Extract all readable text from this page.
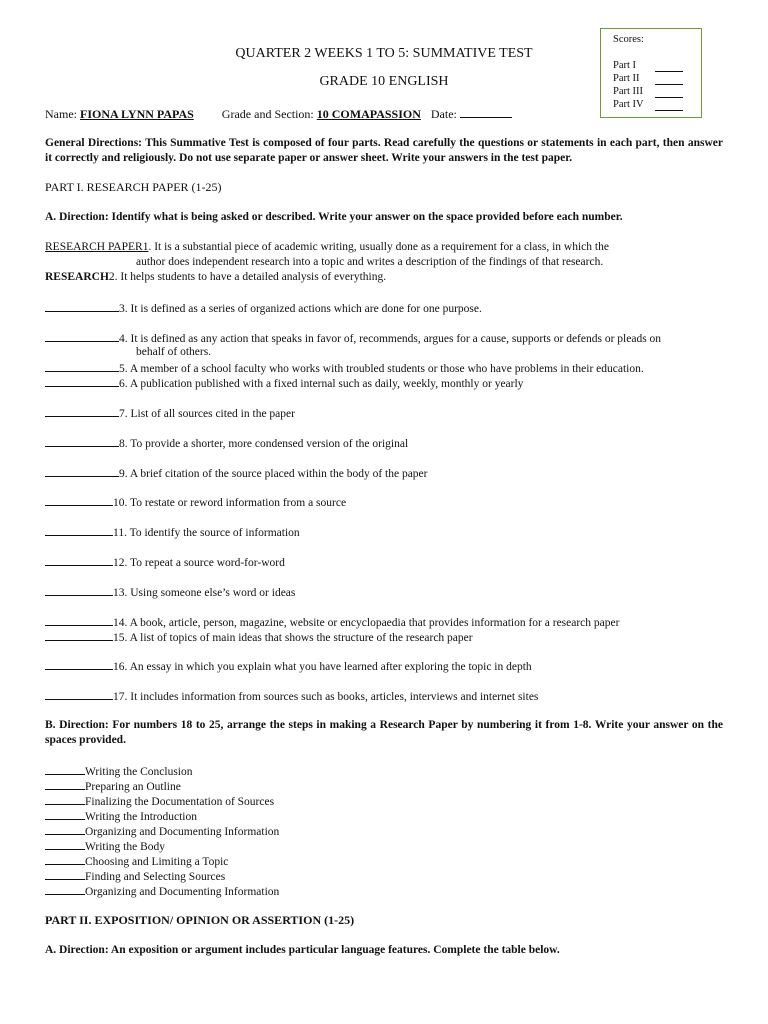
Scores:
Part I
Part II
Part III
Part IV
QUARTER 2 WEEKS 1 TO 5: SUMMATIVE TEST
GRADE 10 ENGLISH
Name: FIONA LYNN PAPAS Grade and Section: 10 COMAPASSION Date:
General Directions: This Summative Test is composed of four parts. Read carefully the questions or statements in each part, then answer it correctly and religiously. Do not use separate paper or answer sheet. Write your answers in the test paper.
PART I. RESEARCH PAPER (1-25)
A. Direction: Identify what is being asked or described. Write your answer on the space provided before each number.
RESEARCH PAPER1. It is a substantial piece of academic writing, usually done as a requirement for a class, in which the
author does independent research into a topic and writes a description of the findings of that research.
RESEARCH2. It helps students to have a detailed analysis of everything.
3. It is defined as a series of organized actions which are done for one purpose.
4. It is defined as any action that speaks in favor of, recommends, argues for a cause, supports or defends or pleads on
behalf of others.
5. A member of a school faculty who works with troubled students or those who have problems in their education.
6. A publication published with a fixed internal such as daily, weekly, monthly or yearly
7. List of all sources cited in the paper
8. To provide a shorter, more condensed version of the original
9. A brief citation of the source placed within the body of the paper
10. To restate or reword information from a source
11. To identify the source of information
12. To repeat a source word-for-word
13. Using someone else’s word or ideas
14. A book, article, person, magazine, website or encyclopaedia that provides information for a research paper
15. A list of topics of main ideas that shows the structure of the research paper
16. An essay in which you explain what you have learned after exploring the topic in depth
17. It includes information from sources such as books, articles, interviews and internet sites
B. Direction: For numbers 18 to 25, arrange the steps in making a Research Paper by numbering it from 1-8. Write your answer on the spaces provided.
Writing the Conclusion
Preparing an Outline
Finalizing the Documentation of Sources
Writing the Introduction
Organizing and Documenting Information
Writing the Body
Choosing and Limiting a Topic
Finding and Selecting Sources
Organizing and Documenting Information
PART II. EXPOSITION/ OPINION OR ASSERTION (1-25)
A. Direction: An exposition or argument includes particular language features. Complete the table below.
